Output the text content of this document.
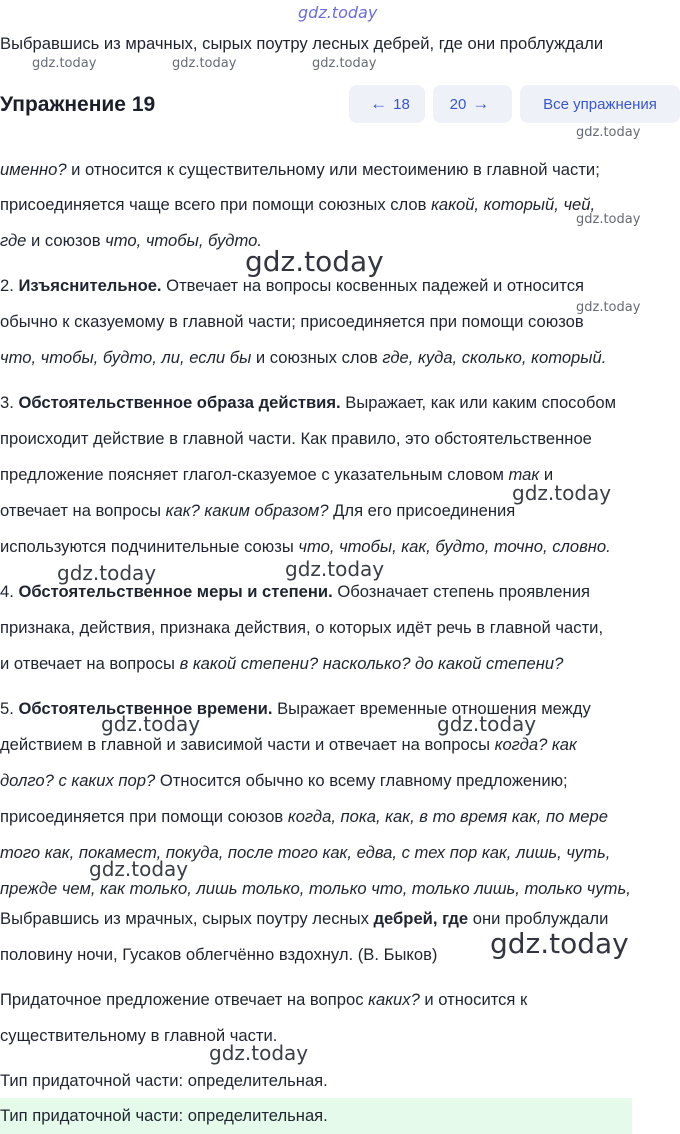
gdz.today
gdz.today	gdz.today	gdz.today
Выбравшись из мрачных, сырых поутру лесных дебрей, где они проблуждали
именно? и относится к существительному или местоимению в главной части;
присоединяется чаще всего при помощи союзных слов какой, который, чей,
gdz.today
где и союзов что, чтобы, будто.
gdz.today
2. Изъяснительное. Отвечает на вопросы косвенных падежей и относится
gdz.today
обычно к сказуемому в главной части; присоединяется при помощи союзов
что, чтобы, будто, ли, если бы и союзных слов где, куда, сколько, который.
3. Обстоятельственное образа действия. Выражает, как или каким способом
происходит действие в главной части. Как правило, это обстоятельственное
предложение поясняет глагол-сказуемое с указательным словом так и
gdz.today
отвечает на вопросы как? каким образом? Для его присоединения
используются подчинительные союзы что, чтобы, как, будто, точно, словно.
gdz.today	gdz.today
4. Обстоятельственное меры и степени. Обозначает степень проявления
признака, действия, признака действия, о которых идёт речь в главной части,
и отвечает на вопросы в какой степени? насколько? до какой степени?
5. Обстоятельственное времени. Выражает временные отношения между
gdz.today	gdz.today
действием в главной и зависимой части и отвечает на вопросы когда? как
долго? с каких пор? Относится обычно ко всему главному предложению;
присоединяется при помощи союзов когда, пока, как, в то время как, по мере
того как, покамест, покуда, после того как, едва, с тех пор как, лишь, чуть,
gdz.today
прежде чем, как только, лишь только, только что, только лишь, только чуть,
Выбравшись из мрачных, сырых поутру лесных дебрей, где они проблуждали
половину ночи, Гусаков облегчённо вздохнул. (В. Быков) gdz.today
Придаточное предложение отвечает на вопрос каких? и относится к
существительному в главной части.
gdz.today
Тип придаточной части: определительная.
Тип придаточной части: определительная.
Упражнение 19	← 18	20 →	Все упражнения
gdz.today
